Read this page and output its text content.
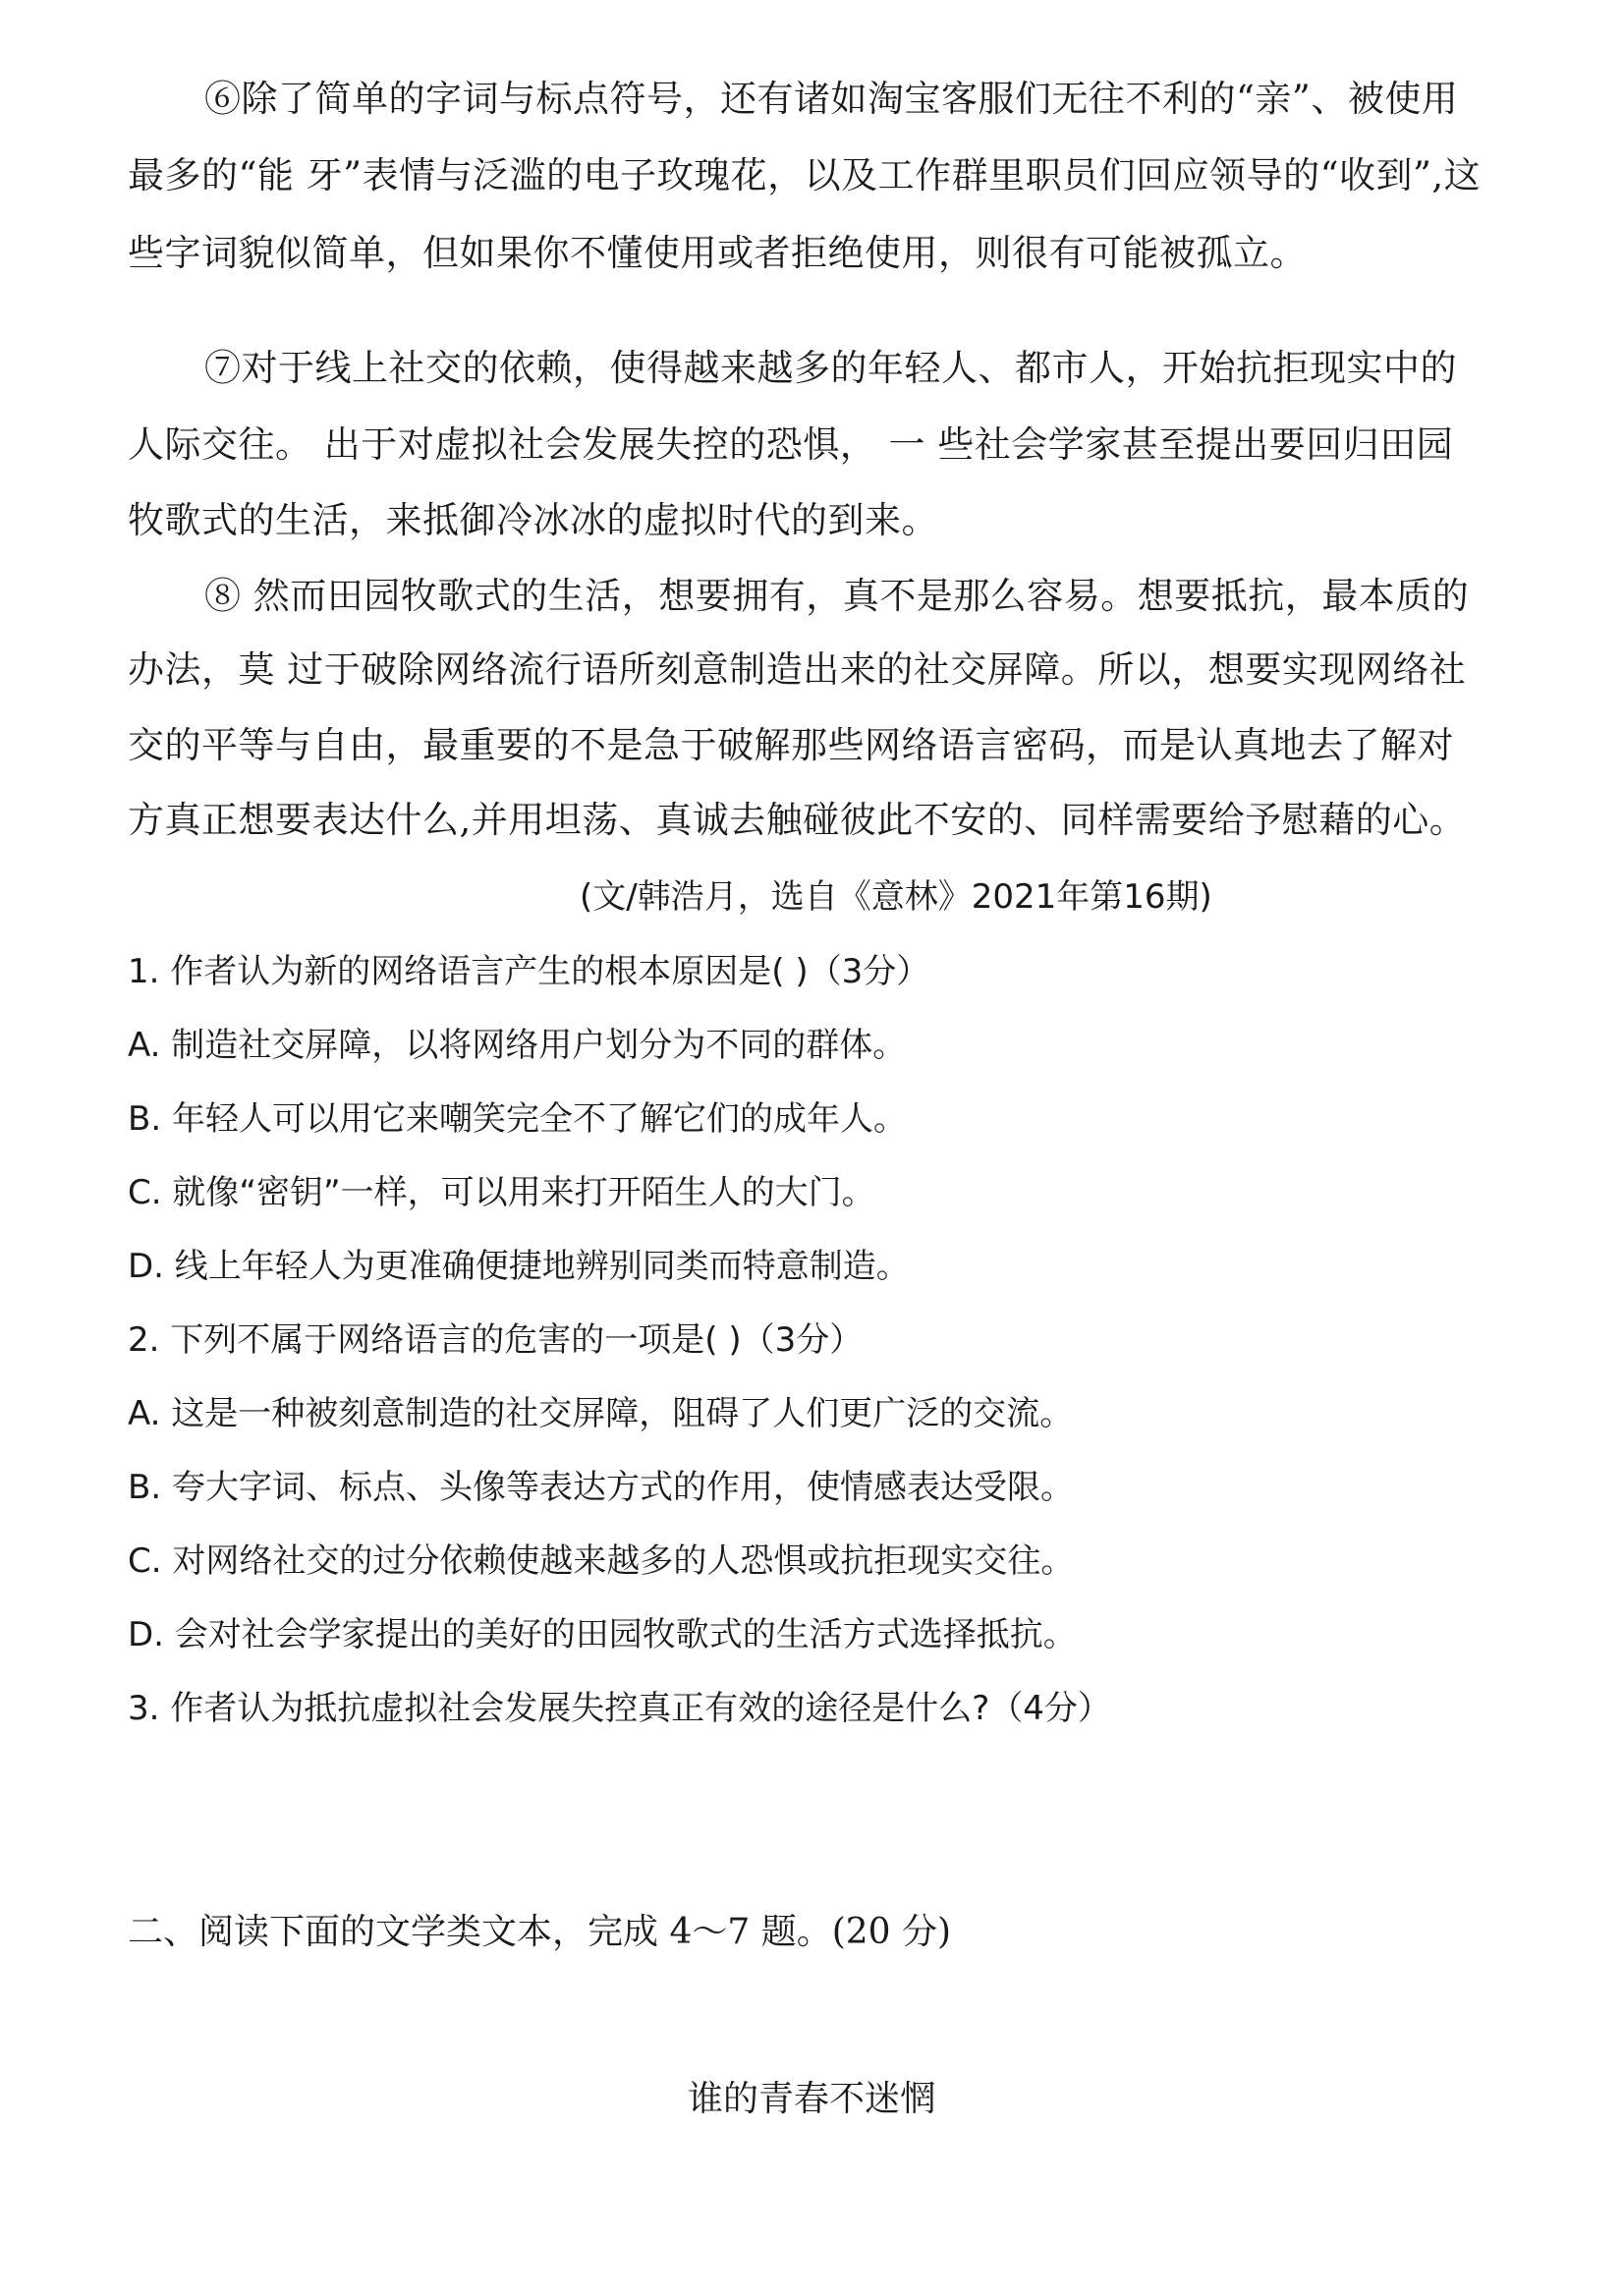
⑥除了简单的字词与标点符号，还有诸如淘宝客服们无往不利的“亲”、被使用
最多的“能 牙”表情与泛滥的电子玫瑰花，以及工作群里职员们回应领导的“收到”,这
些字词貌似简单，但如果你不懂使用或者拒绝使用，则很有可能被孤立。
⑦对于线上社交的依赖，使得越来越多的年轻人、都市人，开始抗拒现实中的
人际交往。 出于对虚拟社会发展失控的恐惧， 一 些社会学家甚至提出要回归田园
牧歌式的生活，来抵御冷冰冰的虚拟时代的到来。
⑧ 然而田园牧歌式的生活，想要拥有，真不是那么容易。想要抵抗，最本质的
办法，莫 过于破除网络流行语所刻意制造出来的社交屏障。所以，想要实现网络社
交的平等与自由，最重要的不是急于破解那些网络语言密码，而是认真地去了解对
方真正想要表达什么,并用坦荡、真诚去触碰彼此不安的、同样需要给予慰藉的心。
(文/韩浩月，选自《意林》2021年第16期)
1. 作者认为新的网络语言产生的根本原因是( )（3分）
A. 制造社交屏障，以将网络用户划分为不同的群体。
B. 年轻人可以用它来嘲笑完全不了解它们的成年人。
C. 就像“密钥”一样，可以用来打开陌生人的大门。
D. 线上年轻人为更准确便捷地辨别同类而特意制造。
2. 下列不属于网络语言的危害的一项是( )（3分）
A. 这是一种被刻意制造的社交屏障，阻碍了人们更广泛的交流。
B. 夸大字词、标点、头像等表达方式的作用，使情感表达受限。
C. 对网络社交的过分依赖使越来越多的人恐惧或抗拒现实交往。
D. 会对社会学家提出的美好的田园牧歌式的生活方式选择抵抗。
3. 作者认为抵抗虚拟社会发展失控真正有效的途径是什么?（4分）
二、阅读下面的文学类文本，完成 4～7 题。(20 分)
谁的青春不迷惘
